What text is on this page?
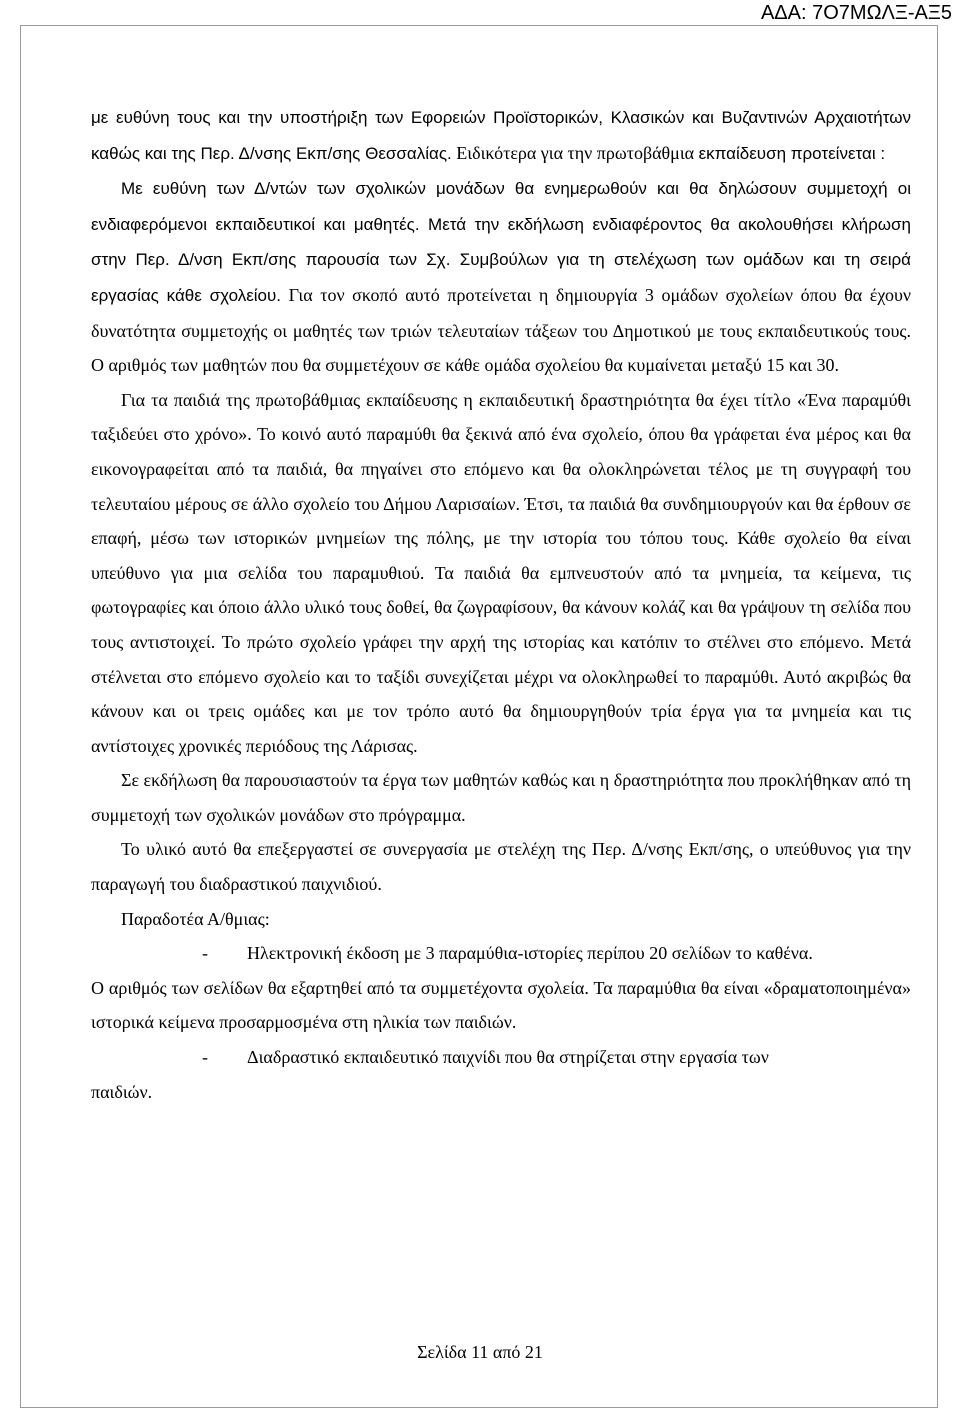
ΑΔΑ: 7Ο7ΜΩΛΞ-ΑΞ5

με ευθύνη τους και την υποστήριξη των Εφορειών Προϊστορικών, Κλασικών και Βυζαντινών Αρχαιοτήτων καθώς και της Περ. Δ/νσης Εκπ/σης Θεσσαλίας. Ειδικότερα για την πρωτοβάθμια εκπαίδευση προτείνεται :

Με ευθύνη των Δ/ντών των σχολικών μονάδων θα ενημερωθούν και θα δηλώσουν συμμετοχή οι ενδιαφερόμενοι εκπαιδευτικοί και μαθητές. Μετά την εκδήλωση ενδιαφέροντος θα ακολουθήσει κλήρωση στην Περ. Δ/νση Εκπ/σης παρουσία των Σχ. Συμβούλων για τη στελέχωση των ομάδων και τη σειρά εργασίας κάθε σχολείου. Για τον σκοπό αυτό προτείνεται η δημιουργία 3 ομάδων σχολείων όπου θα έχουν δυνατότητα συμμετοχής οι μαθητές των τριών τελευταίων τάξεων του Δημοτικού με τους εκπαιδευτικούς τους. Ο αριθμός των μαθητών που θα συμμετέχουν σε κάθε ομάδα σχολείου θα κυμαίνεται μεταξύ 15 και 30.

Για τα παιδιά της πρωτοβάθμιας εκπαίδευσης η εκπαιδευτική δραστηριότητα θα έχει τίτλο «Ένα παραμύθι ταξιδεύει στο χρόνο». Το κοινό αυτό παραμύθι θα ξεκινά από ένα σχολείο, όπου θα γράφεται ένα μέρος και θα εικονογραφείται από τα παιδιά, θα πηγαίνει στο επόμενο και θα ολοκληρώνεται τέλος με τη συγγραφή του τελευταίου μέρους σε άλλο σχολείο του Δήμου Λαρισαίων. Έτσι, τα παιδιά θα συνδημιουργούν και θα έρθουν σε επαφή, μέσω των ιστορικών μνημείων της πόλης, με την ιστορία του τόπου τους. Κάθε σχολείο θα είναι υπεύθυνο για μια σελίδα του παραμυθιού. Τα παιδιά θα εμπνευστούν από τα μνημεία, τα κείμενα, τις φωτογραφίες και όποιο άλλο υλικό τους δοθεί, θα ζωγραφίσουν, θα κάνουν κολάζ και θα γράψουν τη σελίδα που τους αντιστοιχεί. Το πρώτο σχολείο γράφει την αρχή της ιστορίας και κατόπιν το στέλνει στο επόμενο. Μετά στέλνεται στο επόμενο σχολείο και το ταξίδι συνεχίζεται μέχρι να ολοκληρωθεί το παραμύθι. Αυτό ακριβώς θα κάνουν και οι τρεις ομάδες και με τον τρόπο αυτό θα δημιουργηθούν τρία έργα για τα μνημεία και τις αντίστοιχες χρονικές περιόδους της Λάρισας.

Σε εκδήλωση θα παρουσιαστούν τα έργα των μαθητών καθώς και η δραστηριότητα που προκλήθηκαν από τη συμμετοχή των σχολικών μονάδων στο πρόγραμμα.

Το υλικό αυτό θα επεξεργαστεί σε συνεργασία με στελέχη της Περ. Δ/νσης Εκπ/σης, ο υπεύθυνος για την παραγωγή του διαδραστικού παιχνιδιού.

Παραδοτέα Α/θμιας:

-	Ηλεκτρονική έκδοση με 3 παραμύθια-ιστορίες περίπου 20 σελίδων το καθένα.

Ο αριθμός των σελίδων θα εξαρτηθεί από τα συμμετέχοντα σχολεία. Τα παραμύθια θα είναι «δραματοποιημένα» ιστορικά κείμενα προσαρμοσμένα στη ηλικία των παιδιών.

-	Διαδραστικό εκπαιδευτικό παιχνίδι που θα στηρίζεται στην εργασία των

παιδιών.

Σελίδα 11 από 21
